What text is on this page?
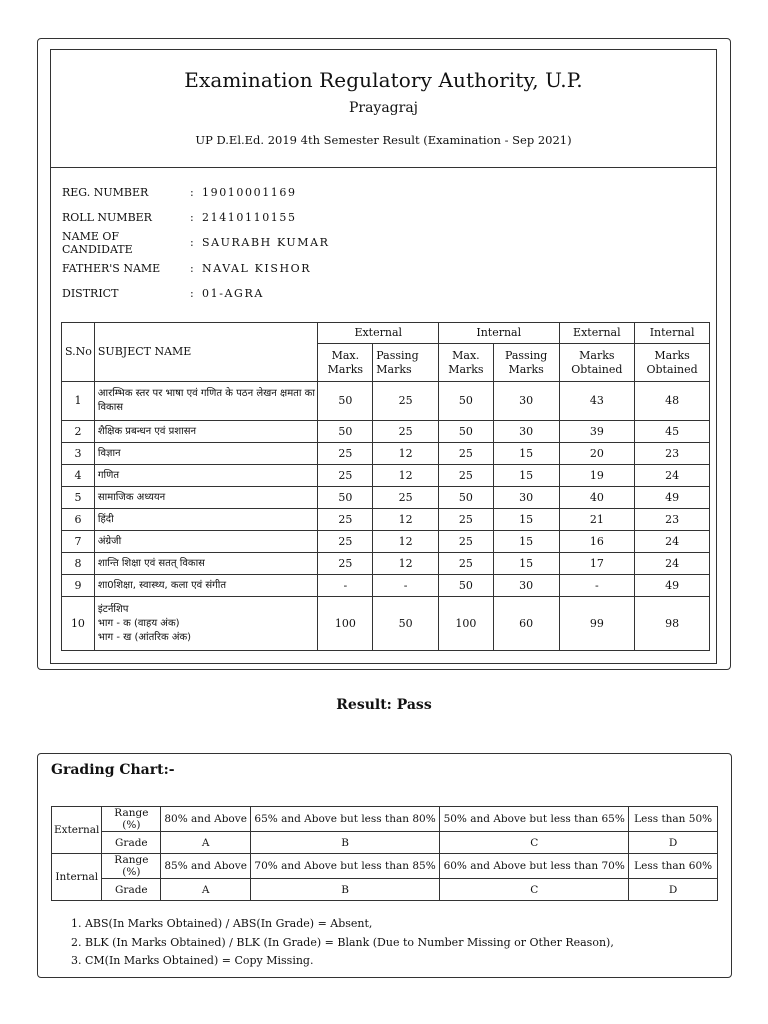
Examination Regulatory Authority, U.P.
Prayagraj
UP D.El.Ed. 2019 4th Semester Result (Examination - Sep 2021)
REG. NUMBER	: 19010001169
ROLL NUMBER	: 21410110155
NAME OF CANDIDATE	: SAURABH KUMAR
FATHER'S NAME	: NAVAL KISHOR
DISTRICT	: 01-AGRA
S.No	SUBJECT NAME	External		Internal		External	Internal
		Max. Marks	Passing Marks	Max. Marks	Passing Marks	Marks Obtained	Marks Obtained
1	आरम्भिक स्तर पर भाषा एवं गणित के पठन लेखन क्षमता का विकास	50	25	50	30	43	48
2	शैक्षिक प्रबन्धन एवं प्रशासन	50	25	50	30	39	45
3	विज्ञान	25	12	25	15	20	23
4	गणित	25	12	25	15	19	24
5	सामाजिक अध्ययन	50	25	50	30	40	49
6	हिंदी	25	12	25	15	21	23
7	अंग्रेजी	25	12	25	15	16	24
8	शान्ति शिक्षा एवं सतत् विकास	25	12	25	15	17	24
9	शा0शिक्षा, स्वास्थ्य, कला एवं संगीत	-	-	50	30	-	49
10	इंटर्नशिप
भाग - क (वाहय अंक)
भाग - ख (आंतरिक अंक)	100	50	100	60	99	98
Result: Pass
Grading Chart:-
External	Range (%)	80% and Above	65% and Above but less than 80%	50% and Above but less than 65%	Less than 50%
	Grade	A	B	C	D
Internal	Range (%)	85% and Above	70% and Above but less than 85%	60% and Above but less than 70%	Less than 60%
	Grade	A	B	C	D
1. ABS(In Marks Obtained) / ABS(In Grade) = Absent,
2. BLK (In Marks Obtained) / BLK (In Grade) = Blank (Due to Number Missing or Other Reason),
3. CM(In Marks Obtained) = Copy Missing.
